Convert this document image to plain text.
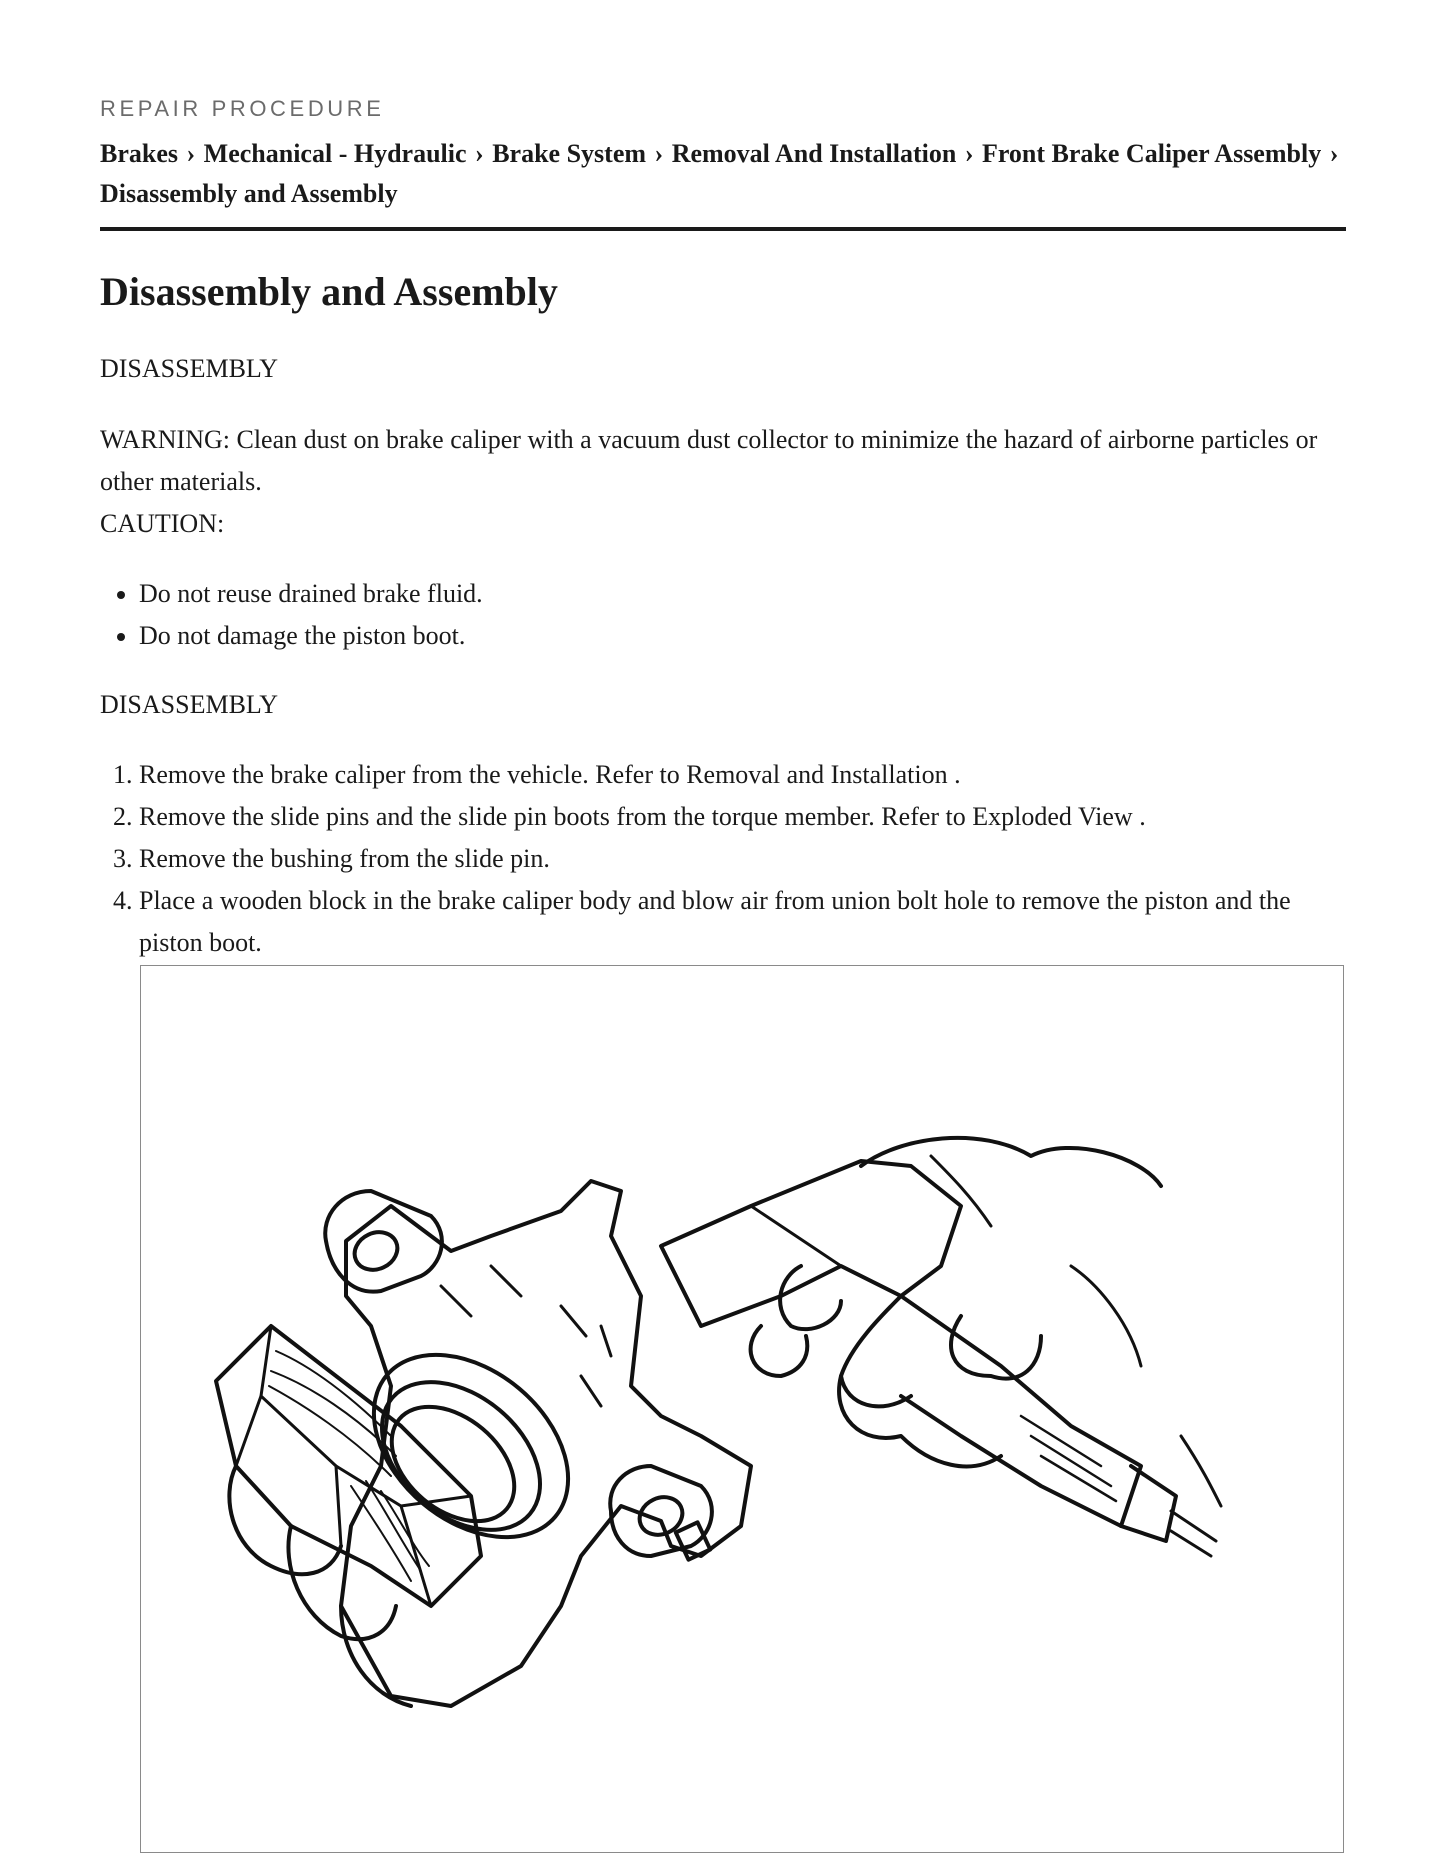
REPAIR PROCEDURE
Brakes › Mechanical - Hydraulic › Brake System › Removal And Installation › Front Brake Caliper Assembly › Disassembly and Assembly
Disassembly and Assembly
DISASSEMBLY
WARNING: Clean dust on brake caliper with a vacuum dust collector to minimize the hazard of airborne particles or other materials.
CAUTION:
• Do not reuse drained brake fluid.
• Do not damage the piston boot.
DISASSEMBLY
1. Remove the brake caliper from the vehicle. Refer to Removal and Installation .
2. Remove the slide pins and the slide pin boots from the torque member. Refer to Exploded View .
3. Remove the bushing from the slide pin.
4. Place a wooden block in the brake caliper body and blow air from union bolt hole to remove the piston and the piston boot.
